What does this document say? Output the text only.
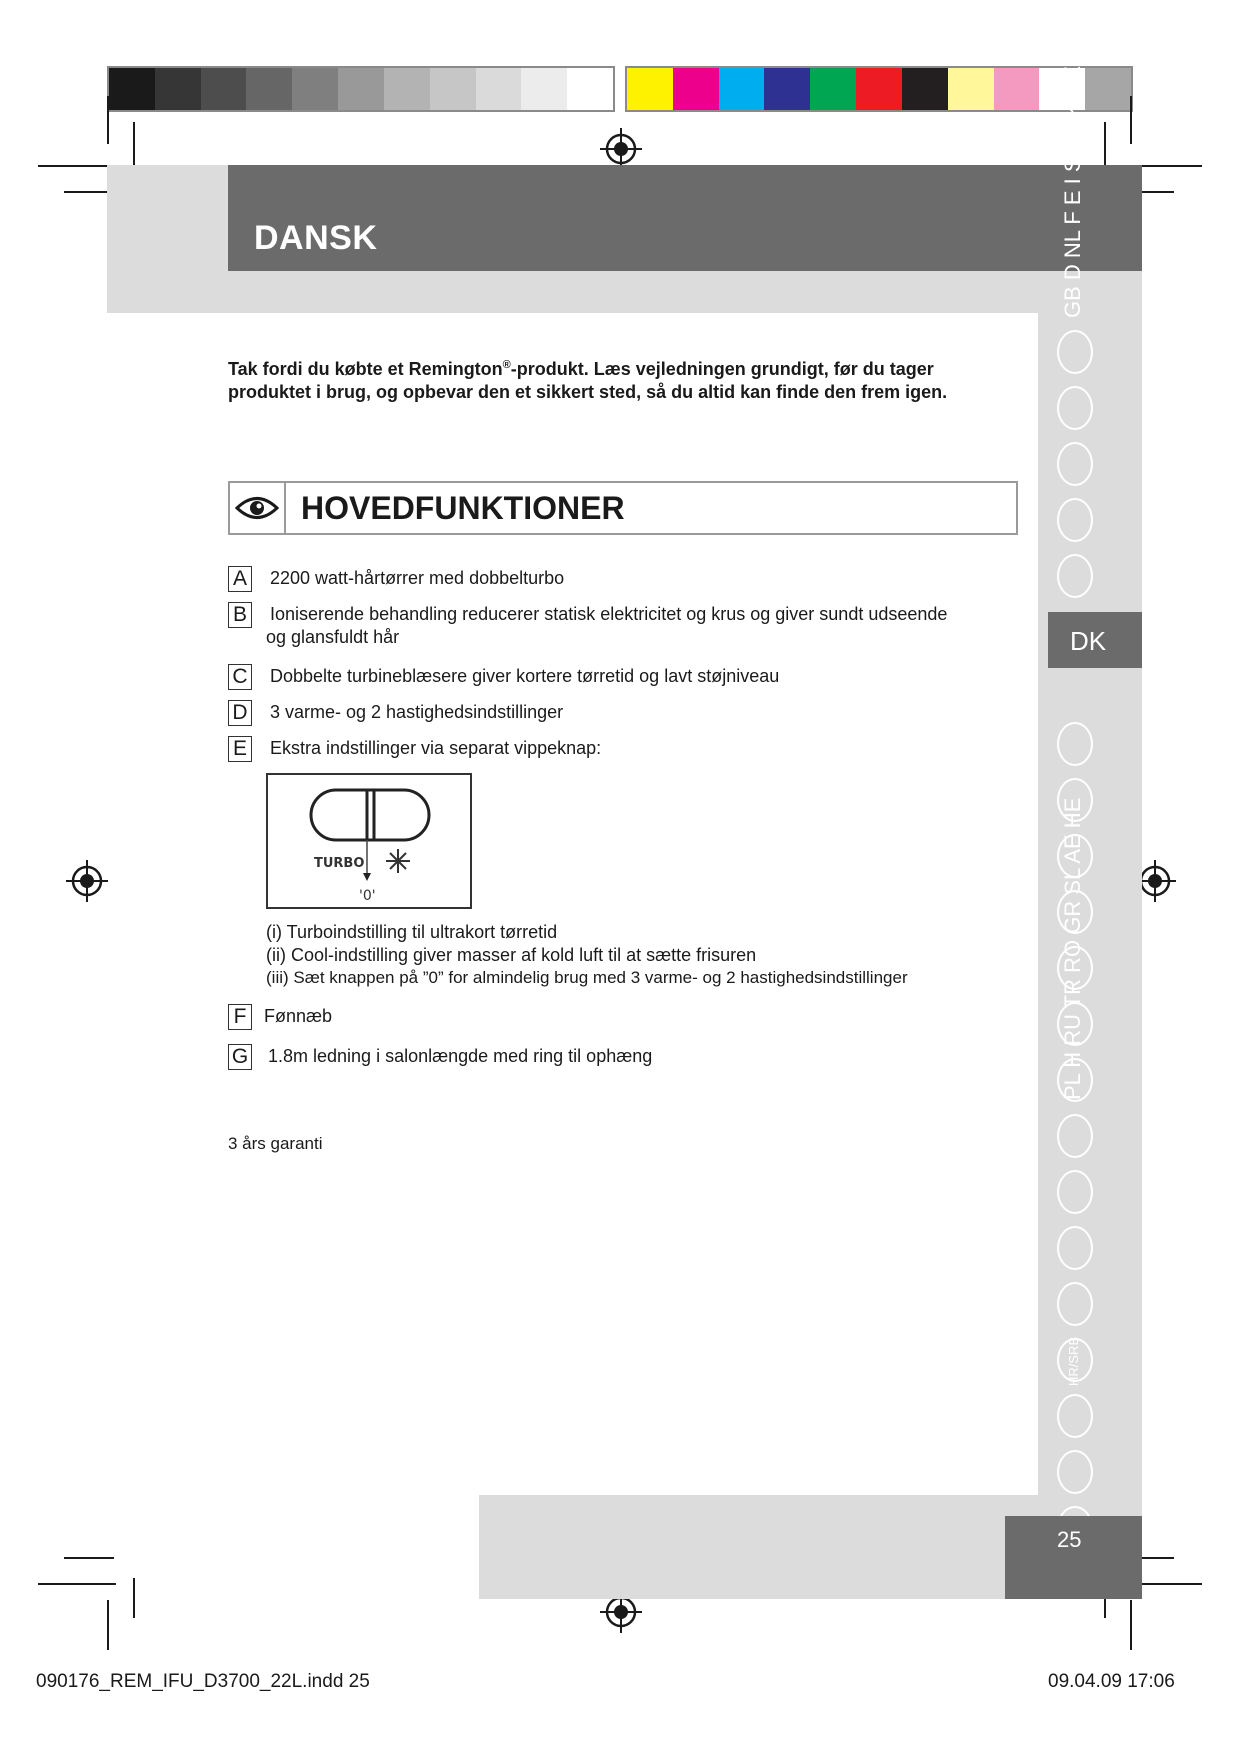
DANSK
DK
GB D NL F E I S P SK CZ
PL H RU TR RO GR SL AE HE
HR/SRB
Tak fordi du købte et Remington®-produkt. Læs vejledningen grundigt, før du tager produktet i brug, og opbevar den et sikkert sted, så du altid kan finde den frem igen.
HOVEDFUNKTIONER
A 2200 watt-hårtørrer med dobbelturbo
B Ioniserende behandling reducerer statisk elektricitet og krus og giver sundt udseende
og glansfuldt hår
C Dobbelte turbineblæsere giver kortere tørretid og lavt støjniveau
D 3 varme- og 2 hastighedsindstillinger
E Ekstra indstillinger via separat vippeknap:
TURBO
'0'
(i) Turboindstilling til ultrakort tørretid
(ii) Cool-indstilling giver masser af kold luft til at sætte frisuren
(iii) Sæt knappen på ”0” for almindelig brug med 3 varme- og 2 hastighedsindstillinger
F Fønnæb
G 1.8m ledning i salonlængde med ring til ophæng
3 års garanti
25
090176_REM_IFU_D3700_22L.indd 25	09.04.09 17:06
